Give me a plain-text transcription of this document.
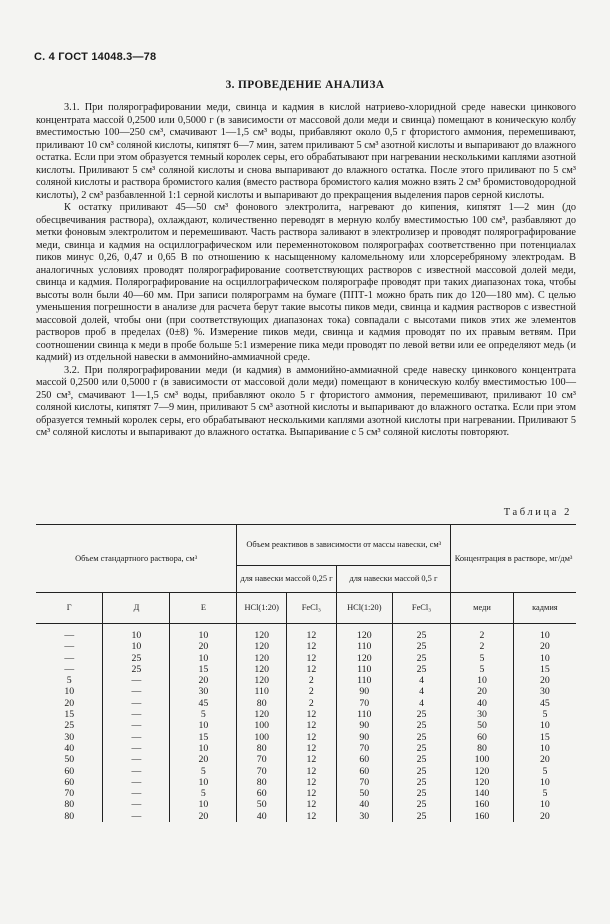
С. 4 ГОСТ 14048.3—78
3. ПРОВЕДЕНИЕ АНАЛИЗА

3.1. При полярографировании меди, свинца и кадмия в кислой натриево-хлоридной среде навески цинкового концентрата массой 0,2500 или 0,5000 г (в зависимости от массовой доли меди и свинца) помещают в коническую колбу вместимостью 100—250 см³, смачивают 1—1,5 см³ воды, прибавляют около 0,5 г фтористого аммония, перемешивают, приливают 10 см³ соляной кислоты, кипятят 6—7 мин, затем приливают 5 см³ азотной кислоты и выпаривают до влажного остатка. Если при этом образуется темный королек серы, его обрабатывают при нагревании несколькими каплями азотной кислоты. Приливают 5 см³ соляной кислоты и снова выпаривают до влажного остатка. После этого приливают по 5 см³ соляной кислоты и раствора бромистого калия (вместо раствора бромистого калия можно взять 2 см³ бромистоводородной кислоты), 2 см³ разбавленной 1:1 серной кислоты и выпаривают до прекращения выделения паров серной кислоты.

К остатку приливают 45—50 см³ фонового электролита, нагревают до кипения, кипятят 1—2 мин (до обесцвечивания раствора), охлаждают, количественно переводят в мерную колбу вместимостью 100 см³, разбавляют до метки фоновым электролитом и перемешивают. Часть раствора заливают в электролизер и проводят полярографирование меди, свинца и кадмия на осциллографическом или переменнотоковом полярографах соответственно при потенциалах пиков минус 0,26, 0,47 и 0,65 В по отношению к насыщенному каломельному или хлорсеребряному электродам. В аналогичных условиях проводят полярографирование соответствующих растворов с известной массовой долей меди, свинца и кадмия. Полярографирование на осциллографическом полярографе проводят при таких диапазонах тока, чтобы высоты волн были 40—60 мм. При записи полярограмм на бумаге (ППТ-1 можно брать пик до 120—180 мм). С целью уменьшения погрешности в анализе для расчета берут такие высоты пиков меди, свинца и кадмия растворов с известной массовой долей, чтобы они (при соответствующих диапазонах тока) совпадали с высотами пиков этих же элементов растворов проб в пределах (0±8) %. Измерение пиков меди, свинца и кадмия проводят по их правым ветвям. При соотношении свинца к меди в пробе больше 5:1 измерение пика меди проводят по левой ветви или ее определяют медь (и кадмий) из отдельной навески в аммонийно-аммиачной среде.

3.2. При полярографировании меди (и кадмия) в аммонийно-аммиачной среде навеску цинкового концентрата массой 0,2500 или 0,5000 г (в зависимости от массовой доли меди) помещают в коническую колбу вместимостью 100—250 см³, смачивают 1—1,5 см³ воды, прибавляют около 5 г фтористого аммония, перемешивают, приливают 10 см³ соляной кислоты, кипятят 7—9 мин, приливают 5 см³ азотной кислоты и выпаривают до влажного остатка. Если при этом образуется темный королек серы, его обрабатывают несколькими каплями азотной кислоты при нагревании. Приливают 5 см³ соляной кислоты и выпаривают до влажного остатка. Выпаривание с 5 см³ соляной кислоты повторяют.

Таблица 2
Объем стандартного раствора, см³			Объем реактивов в зависимости от массы навески, см³				Концентрация в растворе, мг/дм³	
			для навески массой 0,25 г		для навески массой 0,5 г			
Г	Д	Е	HCl(1:20)	FeCl₃	HCl(1:20)	FeCl₃	меди	кадмия
—	10	10	120	12	120	25	2	10
—	10	20	120	12	110	25	2	20
—	25	10	120	12	120	25	5	10
—	25	15	120	12	110	25	5	15
5	—	20	120	2	110	4	10	20
10	—	30	110	2	90	4	20	30
20	—	45	80	2	70	4	40	45
15	—	5	120	12	110	25	30	5
25	—	10	100	12	90	25	50	10
30	—	15	100	12	90	25	60	15
40	—	10	80	12	70	25	80	10
50	—	20	70	12	60	25	100	20
60	—	5	70	12	60	25	120	5
60	—	10	80	12	70	25	120	10
70	—	5	60	12	50	25	140	5
80	—	10	50	12	40	25	160	10
80	—	20	40	12	30	25	160	20
